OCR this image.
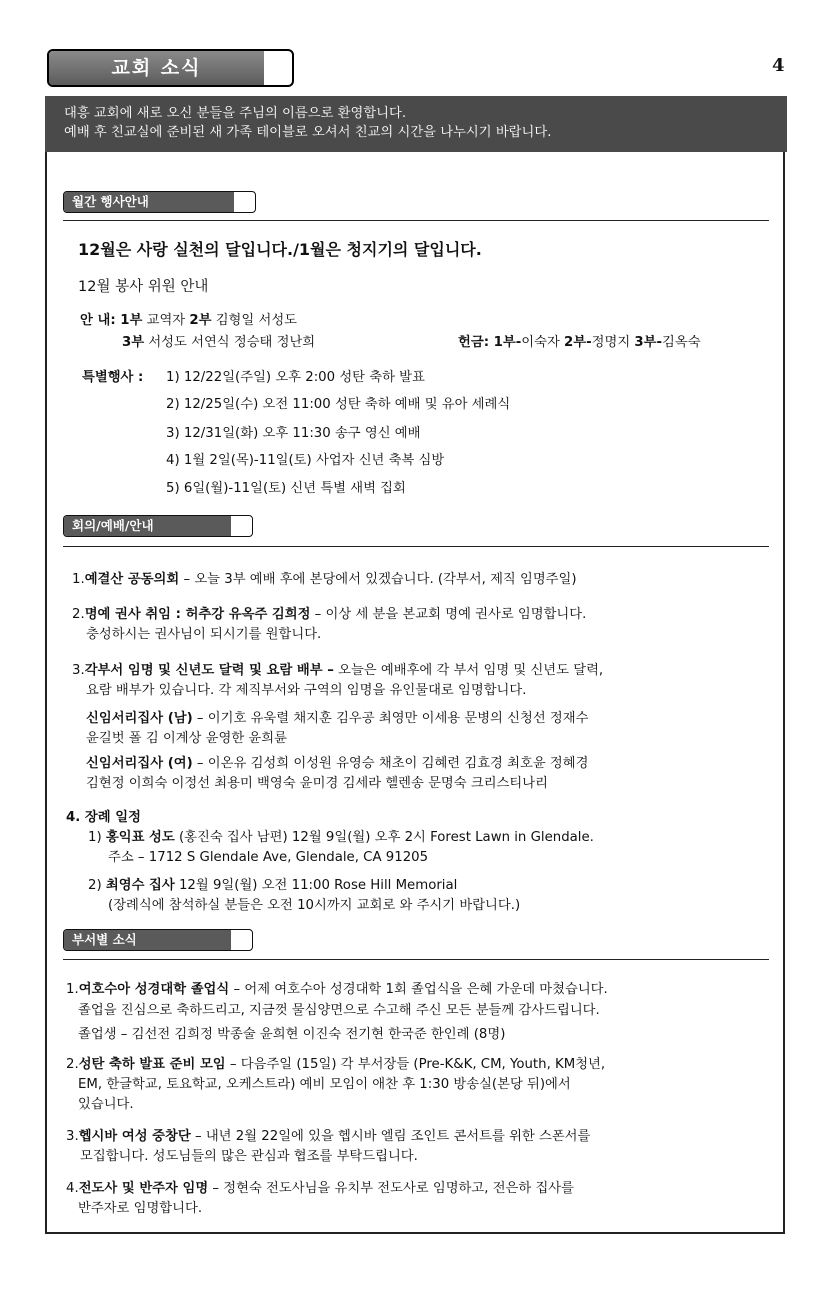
교회 소식	4
대흥 교회에 새로 오신 분들을 주님의 이름으로 환영합니다.
예배 후 친교실에 준비된 새 가족 테이블로 오셔서 친교의 시간을 나누시기 바랍니다.
월간 행사안내
12월은 사랑 실천의 달입니다./1월은 청지기의 달입니다.
12월 봉사 위원 안내
안 내: 1부 교역자 2부 김형일 서성도
3부 서성도 서연식 정승태 정난희	헌금: 1부-이숙자 2부-정명지 3부-김옥숙
특별행사 : 1) 12/22일(주일) 오후 2:00 성탄 축하 발표
2) 12/25일(수) 오전 11:00 성탄 축하 예배 및 유아 세례식
3) 12/31일(화) 오후 11:30 송구 영신 예배
4) 1월 2일(목)-11일(토) 사업자 신년 축복 심방
5) 6일(월)-11일(토) 신년 특별 새벽 집회
회의/예배/안내
1.예결산 공동의회 – 오늘 3부 예배 후에 본당에서 있겠습니다. (각부서, 제직 임명주일)
2.명예 권사 취임 : 허추강 유옥주 김희정 – 이상 세 분을 본교회 명예 권사로 임명합니다.
충성하시는 권사님이 되시기를 원합니다.
3.각부서 임명 및 신년도 달력 및 요람 배부 – 오늘은 예배후에 각 부서 임명 및 신년도 달력,
요람 배부가 있습니다. 각 제직부서와 구역의 임명을 유인물대로 임명합니다.
신임서리집사 (남) – 이기호 유욱렬 채지훈 김우공 최영만 이세용 문병의 신청선 정재수
윤길벗 폴 김 이계상 윤영한 윤희륜
신임서리집사 (여) – 이온유 김성희 이성원 유영승 채초이 김혜련 김효경 최호윤 정혜경
김현정 이희숙 이정선 최용미 백영숙 윤미경 김세라 헬렌송 문명숙 크리스티나리
4. 장례 일정
1) 홍익표 성도 (홍진숙 집사 남편) 12월 9일(월) 오후 2시 Forest Lawn in Glendale.
주소 – 1712 S Glendale Ave, Glendale, CA 91205
2) 최영수 집사 12월 9일(월) 오전 11:00 Rose Hill Memorial
(장례식에 참석하실 분들은 오전 10시까지 교회로 와 주시기 바랍니다.)
부서별 소식
1.여호수아 성경대학 졸업식 – 어제 여호수아 성경대학 1회 졸업식을 은혜 가운데 마쳤습니다.
졸업을 진심으로 축하드리고, 지금껏 물심양면으로 수고해 주신 모든 분들께 감사드립니다.
졸업생 – 김선전 김희정 박종술 윤희현 이진숙 전기현 한국준 한인례 (8명)
2.성탄 축하 발표 준비 모임 – 다음주일 (15일) 각 부서장들 (Pre-K&K, CM, Youth, KM청년,
EM, 한글학교, 토요학교, 오케스트라) 예비 모임이 애찬 후 1:30 방송실(본당 뒤)에서
있습니다.
3.헵시바 여성 중창단 – 내년 2월 22일에 있을 헵시바 엘림 조인트 콘서트를 위한 스폰서를
모집합니다. 성도님들의 많은 관심과 협조를 부탁드립니다.
4.전도사 및 반주자 임명 – 정현숙 전도사님을 유치부 전도사로 임명하고, 전은하 집사를
반주자로 임명합니다.
